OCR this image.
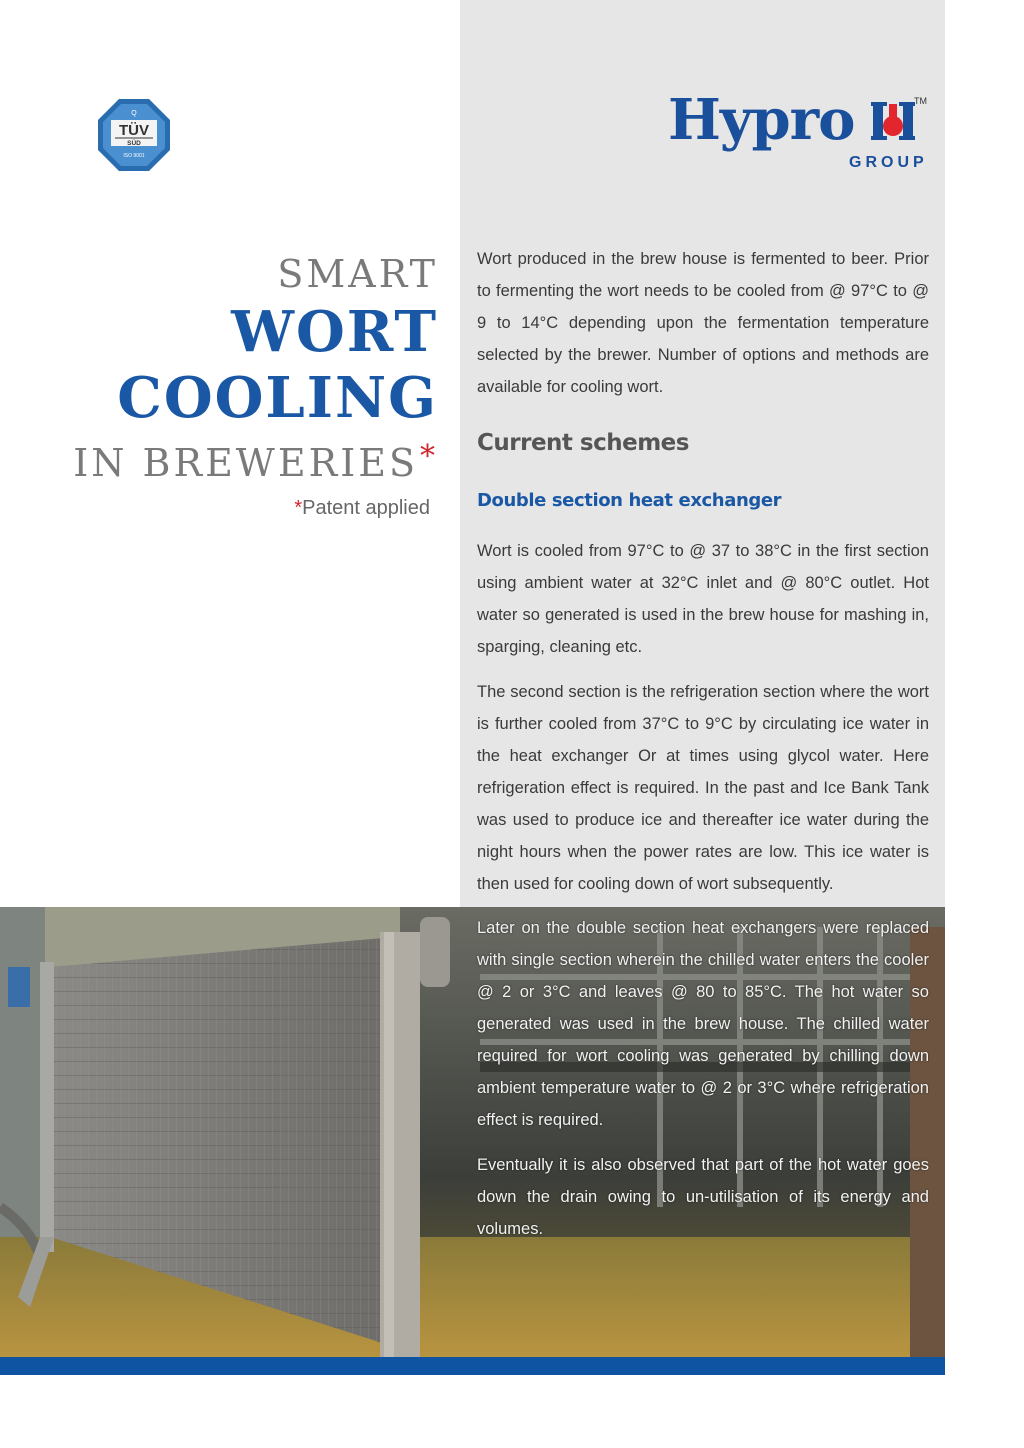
Q
TÜV
SÜD
ISO 9001
Hypro	TM
GROUP
SMART
WORT
COOLING
IN BREWERIES*
*Patent applied

Wort produced in the brew house is fermented to beer. Prior to fermenting the wort needs to be cooled from @ 97°C to @ 9 to 14°C depending upon the fermentation temperature selected by the brewer. Number of options and methods are available for cooling wort.

Current schemes
Double section heat exchanger

Wort is cooled from 97°C to @ 37 to 38°C in the first section using ambient water at 32°C inlet and @ 80°C outlet. Hot water so generated is used in the brew house for mashing in, sparging, cleaning etc.

The second section is the refrigeration section where the wort is further cooled from 37°C to 9°C by circulating ice water in the heat exchanger Or at times using glycol water. Here refrigeration effect is required. In the past and Ice Bank Tank was used to produce ice and thereafter ice water during the night hours when the power rates are low. This ice water is then used for cooling down of wort subsequently.

Later on the double section heat exchangers were replaced with single section wherein the chilled water enters the cooler @ 2 or 3°C and leaves @ 80 to 85°C. The hot water so generated was used in the brew house. The chilled water required for wort cooling was generated by chilling down ambient temperature water to @ 2 or 3°C where refrigeration effect is required.

Eventually it is also observed that part of the hot water goes down the drain owing to un-utilisation of its energy and volumes.
